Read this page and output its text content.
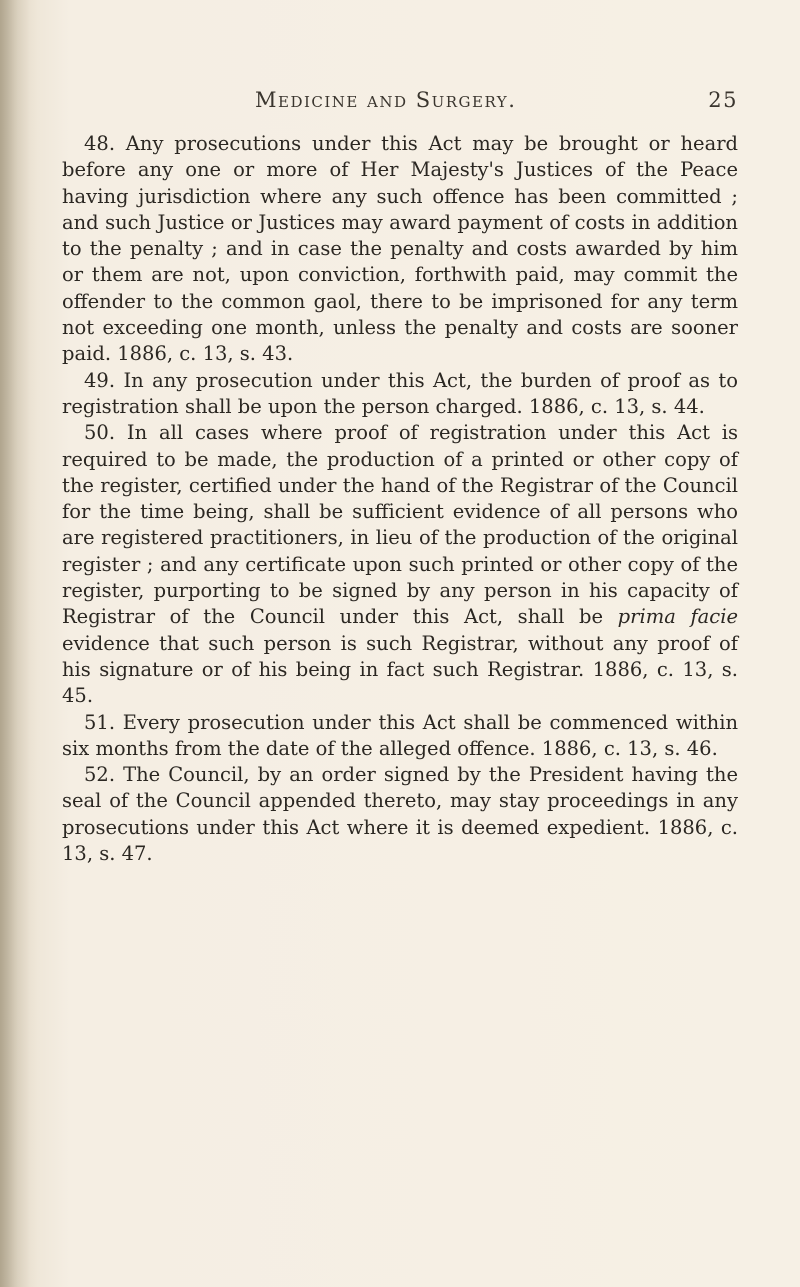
Medicine and Surgery.	25

48. Any prosecutions under this Act may be brought or heard before any one or more of Her Majesty's Justices of the Peace having jurisdiction where any such offence has been committed ; and such Justice or Justices may award payment of costs in addition to the penalty ; and in case the penalty and costs awarded by him or them are not, upon conviction, forthwith paid, may commit the offender to the common gaol, there to be imprisoned for any term not exceeding one month, unless the penalty and costs are sooner paid. 1886, c. 13, s. 43.

49. In any prosecution under this Act, the burden of proof as to registration shall be upon the person charged. 1886, c. 13, s. 44.

50. In all cases where proof of registration under this Act is required to be made, the production of a printed or other copy of the register, certified under the hand of the Registrar of the Council for the time being, shall be sufficient evidence of all persons who are registered practitioners, in lieu of the production of the original register ; and any certificate upon such printed or other copy of the register, purporting to be signed by any person in his capacity of Registrar of the Council under this Act, shall be prima facie evidence that such person is such Registrar, without any proof of his signature or of his being in fact such Registrar. 1886, c. 13, s. 45.

51. Every prosecution under this Act shall be commenced within six months from the date of the alleged offence. 1886, c. 13, s. 46.

52. The Council, by an order signed by the President having the seal of the Council appended thereto, may stay proceedings in any prosecutions under this Act where it is deemed expedient. 1886, c. 13, s. 47.
